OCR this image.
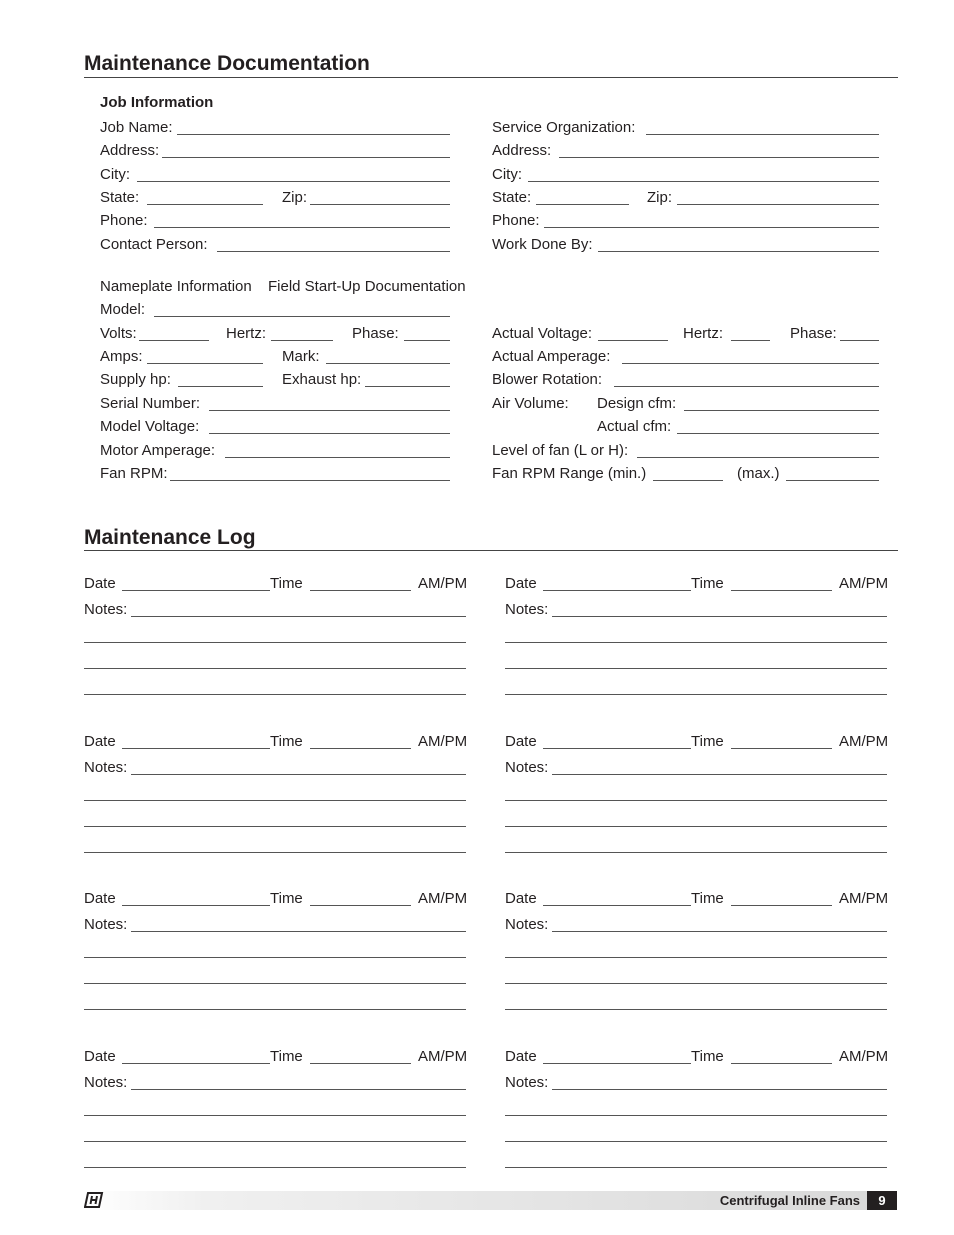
Maintenance Documentation
Job Information
Job Name:
Address:
City:
State:	Zip:
Phone:
Contact Person:
Service Organization:
Address:
City:
State:	Zip:
Phone:
Work Done By:
Nameplate Information Field Start-Up Documentation
Model:
Volts:	Hertz:	Phase:
Amps:	Mark:
Supply hp:	Exhaust hp:
Serial Number:
Model Voltage:
Motor Amperage:
Fan RPM:
Actual Voltage:	Hertz:	Phase:
Actual Amperage:
Blower Rotation:
Air Volume: Design cfm:
Actual cfm:
Level of fan (L or H):
Fan RPM Range (min.)	(max.)
Maintenance Log
Date	Time	AM/PM
Notes:
Date	Time	AM/PM
Notes:
Date	Time	AM/PM
Notes:
Date	Time	AM/PM
Notes:
Date	Time	AM/PM
Notes:
Date	Time	AM/PM
Notes:
Date	Time	AM/PM
Notes:
Date	Time	AM/PM
Notes:
Centrifugal Inline Fans	9
